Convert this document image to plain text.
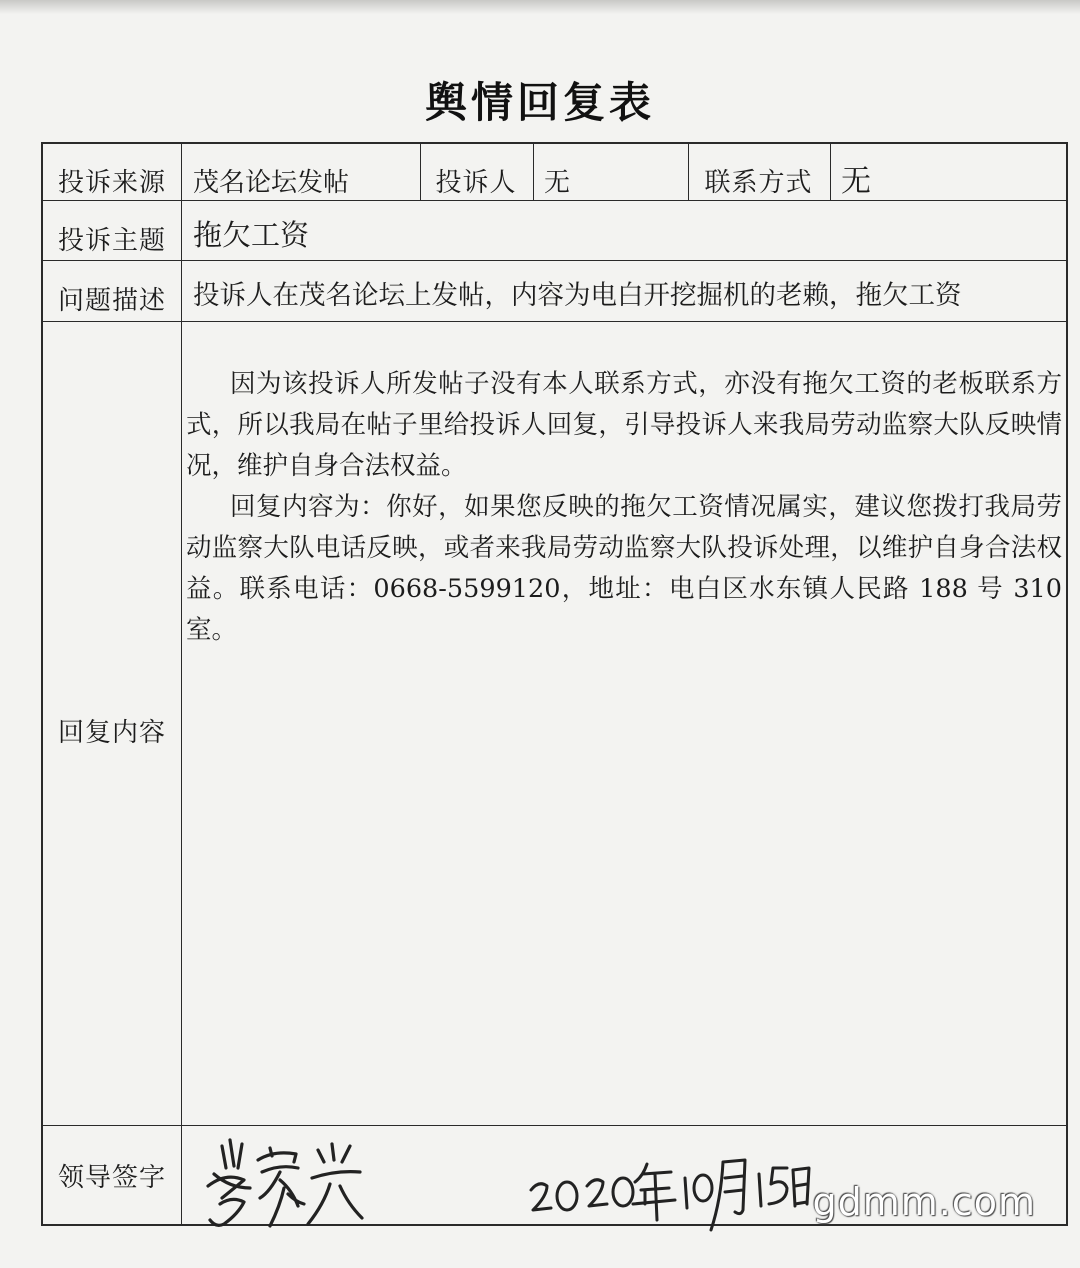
舆情回复表
投诉来源	茂名论坛发帖	投诉人	无	联系方式 无
投诉主题 拖欠工资
问题描述	投诉人在茂名论坛上发帖，内容为电白开挖掘机的老赖，拖欠工资
回复内容

因为该投诉人所发帖子没有本人联系方式，亦没有拖欠工资的老板联系方式，所以我局在帖子里给投诉人回复，引导投诉人来我局劳动监察大队反映情况，维护自身合法权益。

回复内容为：你好，如果您反映的拖欠工资情况属实，建议您拨打我局劳动监察大队电话反映，或者来我局劳动监察大队投诉处理，以维护自身合法权益。联系电话：0668-5599120，地址：电白区水东镇人民路 188 号 310 室。

领导签字
gdmm.com
